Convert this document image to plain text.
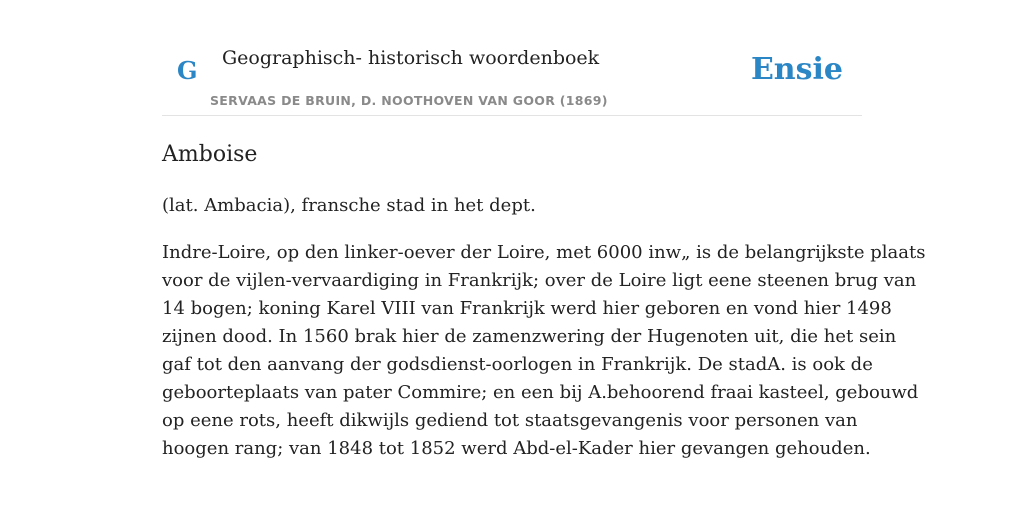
G Geographisch- historisch woordenboek
SERVAAS DE BRUIN, D. NOOTHOVEN VAN GOOR (1869)
Ensie
Amboise

(lat. Ambacia), fransche stad in het dept.

Indre-Loire, op den linker-oever der Loire, met 6000 inw„ is de belangrijkste plaats
voor de vijlen-vervaardiging in Frankrijk; over de Loire ligt eene steenen brug van
14 bogen; koning Karel VIII van Frankrijk werd hier geboren en vond hier 1498
zijnen dood. In 1560 brak hier de zamenzwering der Hugenoten uit, die het sein
gaf tot den aanvang der godsdienst-oorlogen in Frankrijk. De stadA. is ook de
geboorteplaats van pater Commire; en een bij A.behoorend fraai kasteel, gebouwd
op eene rots, heeft dikwijls gediend tot staatsgevangenis voor personen van
hoogen rang; van 1848 tot 1852 werd Abd-el-Kader hier gevangen gehouden.
